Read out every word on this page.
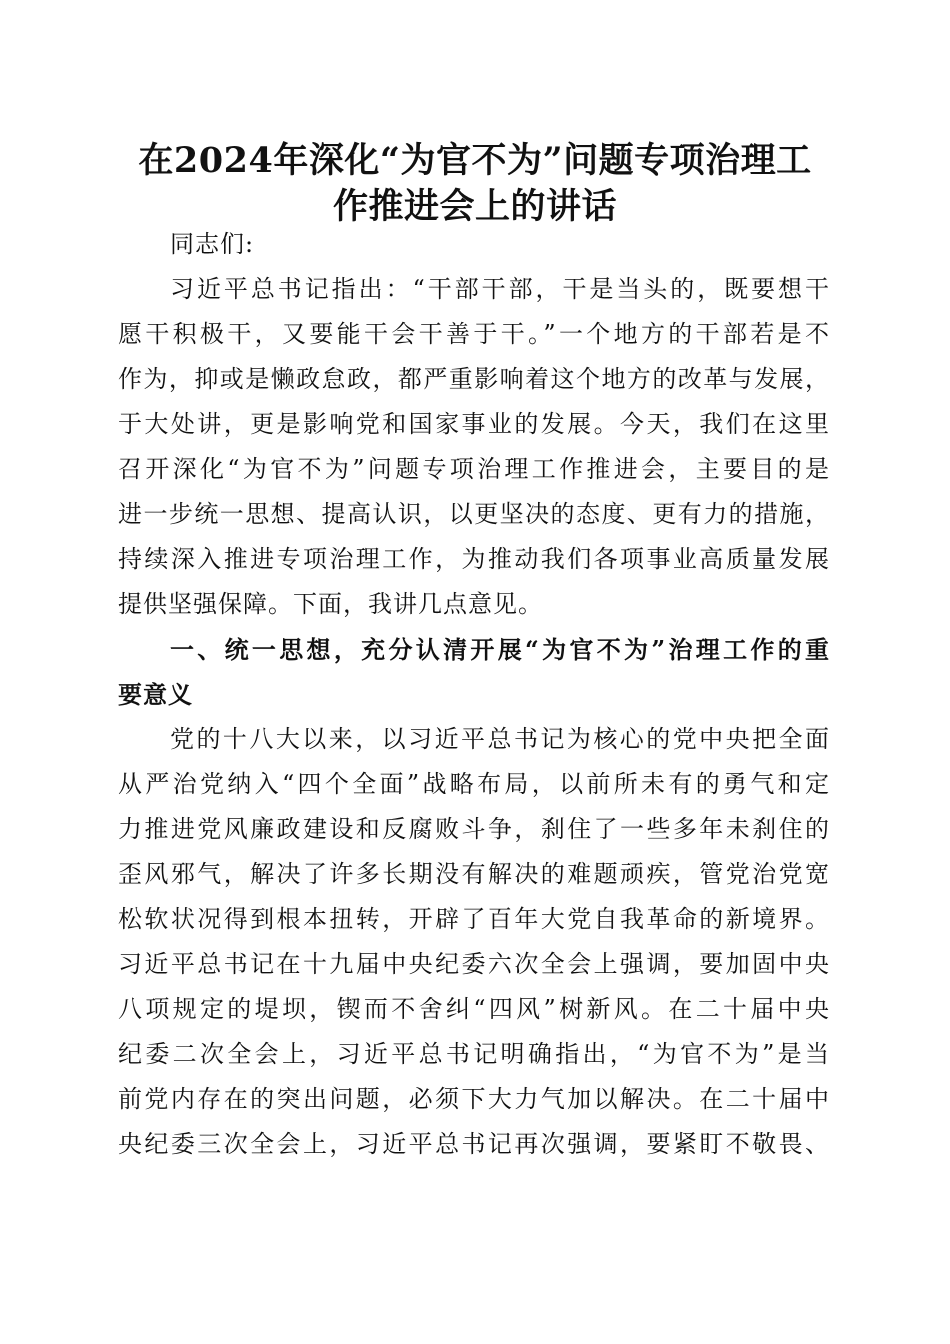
在2024年深化“为官不为”问题专项治理工
作推进会上的讲话

同志们:

习近平总书记指出：“干部干部，干是当头的，既要想干
愿干积极干，又要能干会干善于干。”一个地方的干部若是不
作为，抑或是懒政怠政，都严重影响着这个地方的改革与发展，
于大处讲，更是影响党和国家事业的发展。今天，我们在这里
召开深化“为官不为”问题专项治理工作推进会，主要目的是
进一步统一思想、提高认识，以更坚决的态度、更有力的措施，
持续深入推进专项治理工作，为推动我们各项事业高质量发展
提供坚强保障。下面，我讲几点意见。

一、统一思想，充分认清开展“为官不为”治理工作的重
要意义

党的十八大以来，以习近平总书记为核心的党中央把全面
从严治党纳入“四个全面”战略布局，以前所未有的勇气和定
力推进党风廉政建设和反腐败斗争，刹住了一些多年未刹住的
歪风邪气，解决了许多长期没有解决的难题顽疾，管党治党宽
松软状况得到根本扭转，开辟了百年大党自我革命的新境界。
习近平总书记在十九届中央纪委六次全会上强调，要加固中央
八项规定的堤坝，锲而不舍纠“四风”树新风。在二十届中央
纪委二次全会上，习近平总书记明确指出，“为官不为”是当
前党内存在的突出问题，必须下大力气加以解决。在二十届中
央纪委三次全会上，习近平总书记再次强调，要紧盯不敬畏、
